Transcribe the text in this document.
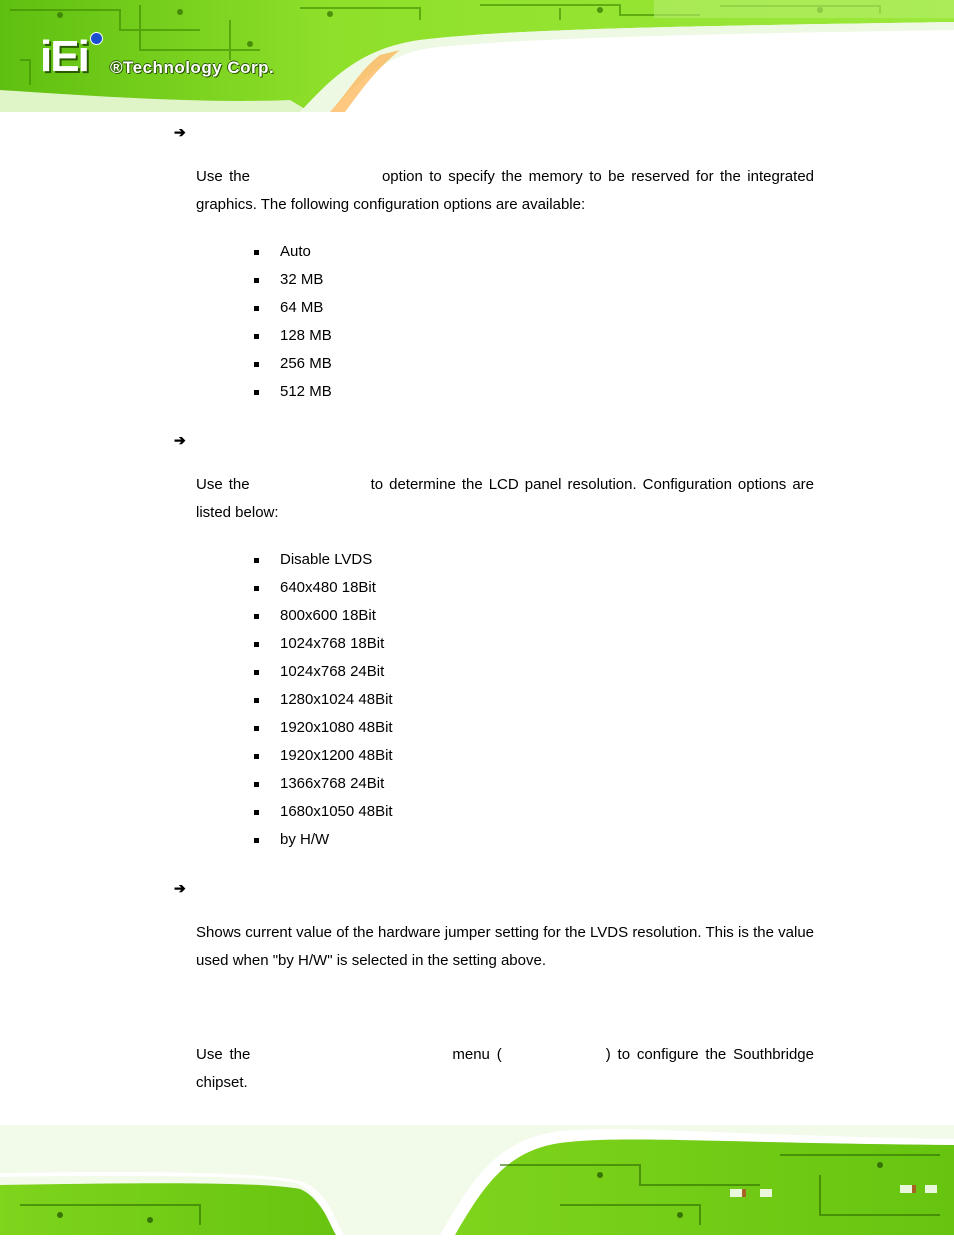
iEi ®Technology Corp.
➔
Use the	option to specify the memory to be reserved for the integrated graphics. The following configuration options are available:
Auto
32 MB
64 MB
128 MB
256 MB
512 MB
➔
Use the	to determine the LCD panel resolution. Configuration options are listed below:
Disable LVDS
640x480 18Bit
800x600 18Bit
1024x768 18Bit
1024x768 24Bit
1280x1024 48Bit
1920x1080 48Bit
1920x1200 48Bit
1366x768 24Bit
1680x1050 48Bit
by H/W
➔
Shows current value of the hardware jumper setting for the LVDS resolution. This is the value used when "by H/W" is selected in the setting above.
Use the	menu (	) to configure the Southbridge chipset.
